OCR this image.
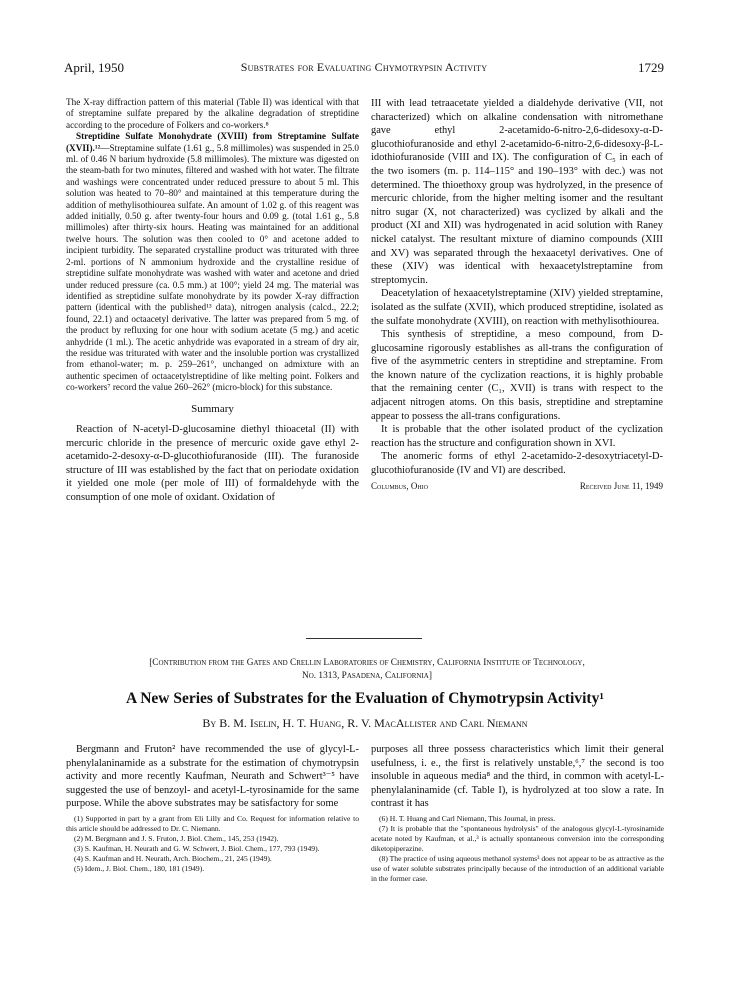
April, 1950	Substrates for Evaluating Chymotrypsin Activity	1729

The X-ray diffraction pattern of this material (Table II) was identical with that of streptamine sulfate prepared by the alkaline degradation of streptidine according to the procedure of Folkers and co-workers.⁸

Streptidine Sulfate Monohydrate (XVIII) from Streptamine Sulfate (XVII).¹²—Streptamine sulfate (1.61 g., 5.8 millimoles) was suspended in 25.0 ml. of 0.46 N barium hydroxide (5.8 millimoles). The mixture was digested on the steam-bath for two minutes, filtered and washed with hot water. The filtrate and washings were concentrated under reduced pressure to about 5 ml. This solution was heated to 70–80° and maintained at this temperature during the addition of methylisothiourea sulfate. An amount of 1.02 g. of this reagent was added initially, 0.50 g. after twenty-four hours and 0.09 g. (total 1.61 g., 5.8 millimoles) after thirty-six hours. Heating was maintained for an additional twelve hours. The solution was then cooled to 0° and acetone added to incipient turbidity. The separated crystalline product was triturated with three 2-ml. portions of N ammonium hydroxide and the crystalline residue of streptidine sulfate monohydrate was washed with water and acetone and dried under reduced pressure (ca. 0.5 mm.) at 100°; yield 24 mg. The material was identified as streptidine sulfate monohydrate by its powder X-ray diffraction pattern (identical with the published¹³ data), nitrogen analysis (calcd., 22.2; found, 22.1) and octaacetyl derivative. The latter was prepared from 5 mg. of the product by refluxing for one hour with sodium acetate (5 mg.) and acetic anhydride (1 ml.). The acetic anhydride was evaporated in a stream of dry air, the residue was triturated with water and the insoluble portion was crystallized from ethanol-water; m. p. 259–261°, unchanged on admixture with an authentic specimen of octaacetylstreptidine of like melting point. Folkers and co-workers⁷ record the value 260–262° (micro-block) for this substance.

Summary

Reaction of N-acetyl-D-glucosamine diethyl thioacetal (II) with mercuric chloride in the presence of mercuric oxide gave ethyl 2-acetamido-2-desoxy-α-D-glucothiofuranoside (III). The furanoside structure of III was established by the fact that on periodate oxidation it yielded one mole (per mole of III) of formaldehyde with the consumption of one mole of oxidant. Oxidation of

III with lead tetraacetate yielded a dialdehyde derivative (VII, not characterized) which on alkaline condensation with nitromethane gave ethyl 2-acetamido-6-nitro-2,6-didesoxy-α-D-glucothiofuranoside and ethyl 2-acetamido-6-nitro-2,6-didesoxy-β-L-idothiofuranoside (VIII and IX). The configuration of C₅ in each of the two isomers (m. p. 114–115° and 190–193° with dec.) was not determined. The thioethoxy group was hydrolyzed, in the presence of mercuric chloride, from the higher melting isomer and the resultant nitro sugar (X, not characterized) was cyclized by alkali and the product (XI and XII) was hydrogenated in acid solution with Raney nickel catalyst. The resultant mixture of diamino compounds (XIII and XV) was separated through the hexaacetyl derivatives. One of these (XIV) was identical with hexaacetylstreptamine from streptomycin.

Deacetylation of hexaacetylstreptamine (XIV) yielded streptamine, isolated as the sulfate (XVII), which produced streptidine, isolated as the sulfate monohydrate (XVIII), on reaction with methylisothiourea.

This synthesis of streptidine, a meso compound, from D-glucosamine rigorously establishes as all-trans the configuration of five of the asymmetric centers in streptidine and streptamine. From the known nature of the cyclization reactions, it is highly probable that the remaining center (C₁, XVII) is trans with respect to the adjacent nitrogen atoms. On this basis, streptidine and streptamine appear to possess the all-trans configurations.

It is probable that the other isolated product of the cyclization reaction has the structure and configuration shown in XVI.

The anomeric forms of ethyl 2-acetamido-2-desoxytriacetyl-D-glucothiofuranoside (IV and VI) are described.

Columbus, Ohio	Received June 11, 1949
[Contribution from the Gates and Crellin Laboratories of Chemistry, California Institute of Technology,
No. 1313, Pasadena, California]
A New Series of Substrates for the Evaluation of Chymotrypsin Activity¹
By B. M. Iselin, H. T. Huang, R. V. MacAllister and Carl Niemann

Bergmann and Fruton² have recommended the use of glycyl-L-phenylalaninamide as a substrate for the estimation of chymotrypsin activity and more recently Kaufman, Neurath and Schwert³⁻⁵ have suggested the use of benzoyl- and acetyl-L-tyrosinamide for the same purpose. While the above substrates may be satisfactory for some

(1) Supported in part by a grant from Eli Lilly and Co. Request for information relative to this article should be addressed to Dr. C. Niemann.

(2) M. Bergmann and J. S. Fruton, J. Biol. Chem., 145, 253 (1942).

(3) S. Kaufman, H. Neurath and G. W. Schwert, J. Biol. Chem., 177, 793 (1949).

(4) S. Kaufman and H. Neurath, Arch. Biochem., 21, 245 (1949).

(5) Idem., J. Biol. Chem., 180, 181 (1949).

purposes all three possess characteristics which limit their general usefulness, i. e., the first is relatively unstable,⁶,⁷ the second is too insoluble in aqueous media⁸ and the third, in common with acetyl-L-phenylalaninamide (cf. Table I), is hydrolyzed at too slow a rate. In contrast it has

(6) H. T. Huang and Carl Niemann, This Journal, in press.

(7) It is probable that the "spontaneous hydrolysis" of the analogous glycyl-L-tyrosinamide acetate noted by Kaufman, et al.,³ is actually spontaneous conversion into the corresponding diketopiperazine.

(8) The practice of using aqueous methanol systems³ does not appear to be as attractive as the use of water soluble substrates principally because of the introduction of an additional variable in the former case.
